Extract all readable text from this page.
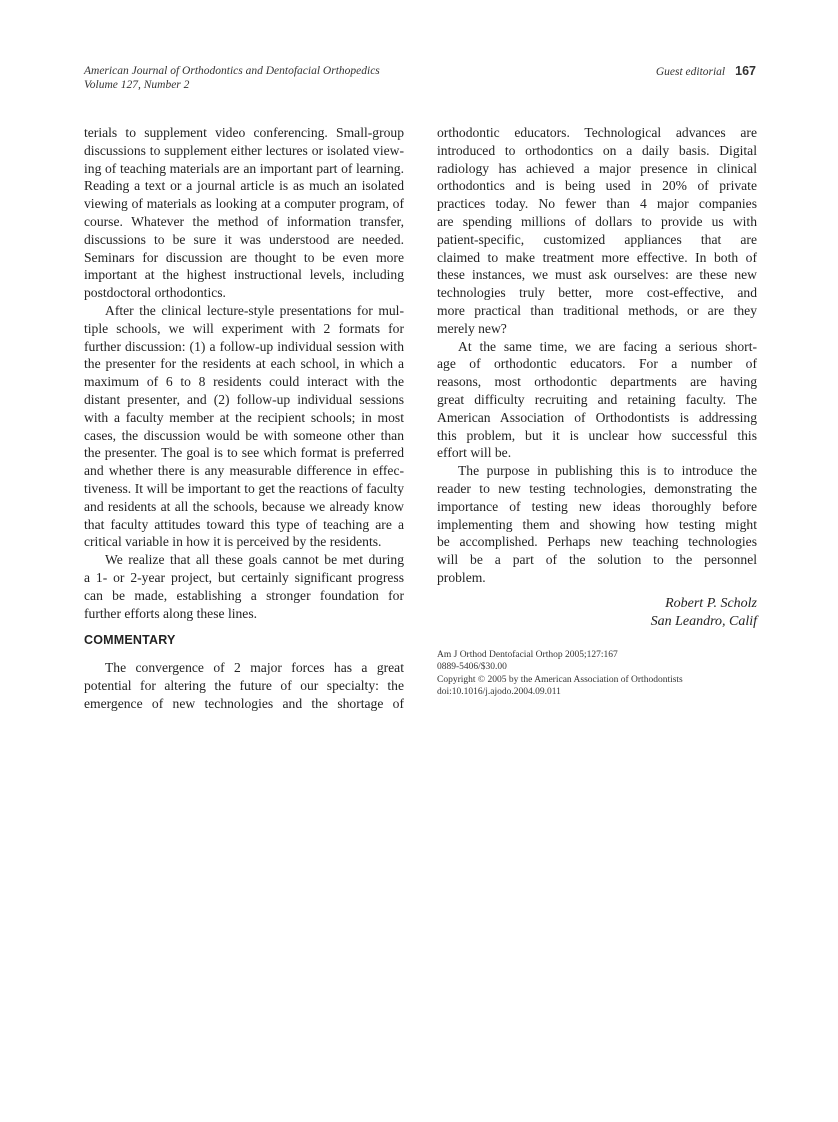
American Journal of Orthodontics and Dentofacial Orthopedics
Volume 127, Number 2
Guest editorial 167
terials to supplement video conferencing. Small-group
discussions to supplement either lectures or isolated view-
ing of teaching materials are an important part of learning.
Reading a text or a journal article is as much an isolated
viewing of materials as looking at a computer program, of
course. Whatever the method of information transfer,
discussions to be sure it was understood are needed.
Seminars for discussion are thought to be even more
important at the highest instructional levels, including
postdoctoral orthodontics.
After the clinical lecture-style presentations for mul-
tiple schools, we will experiment with 2 formats for
further discussion: (1) a follow-up individual session with
the presenter for the residents at each school, in which a
maximum of 6 to 8 residents could interact with the
distant presenter, and (2) follow-up individual sessions
with a faculty member at the recipient schools; in most
cases, the discussion would be with someone other than
the presenter. The goal is to see which format is preferred
and whether there is any measurable difference in effec-
tiveness. It will be important to get the reactions of faculty
and residents at all the schools, because we already know
that faculty attitudes toward this type of teaching are a
critical variable in how it is perceived by the residents.
We realize that all these goals cannot be met during
a 1- or 2-year project, but certainly significant progress
can be made, establishing a stronger foundation for
further efforts along these lines.
COMMENTARY
The convergence of 2 major forces has a great
potential for altering the future of our specialty: the
emergence of new technologies and the shortage of
orthodontic educators. Technological advances are
introduced to orthodontics on a daily basis. Digital
radiology has achieved a major presence in clinical
orthodontics and is being used in 20% of private
practices today. No fewer than 4 major companies
are spending millions of dollars to provide us with
patient-specific, customized appliances that are
claimed to make treatment more effective. In both of
these instances, we must ask ourselves: are these new
technologies truly better, more cost-effective, and
more practical than traditional methods, or are they
merely new?
At the same time, we are facing a serious short-
age of orthodontic educators. For a number of
reasons, most orthodontic departments are having
great difficulty recruiting and retaining faculty. The
American Association of Orthodontists is addressing
this problem, but it is unclear how successful this
effort will be.
The purpose in publishing this is to introduce the
reader to new testing technologies, demonstrating the
importance of testing new ideas thoroughly before
implementing them and showing how testing might
be accomplished. Perhaps new teaching technologies
will be a part of the solution to the personnel
problem.
Robert P. Scholz
San Leandro, Calif
Am J Orthod Dentofacial Orthop 2005;127:167
0889-5406/$30.00
Copyright © 2005 by the American Association of Orthodontists
doi:10.1016/j.ajodo.2004.09.011
